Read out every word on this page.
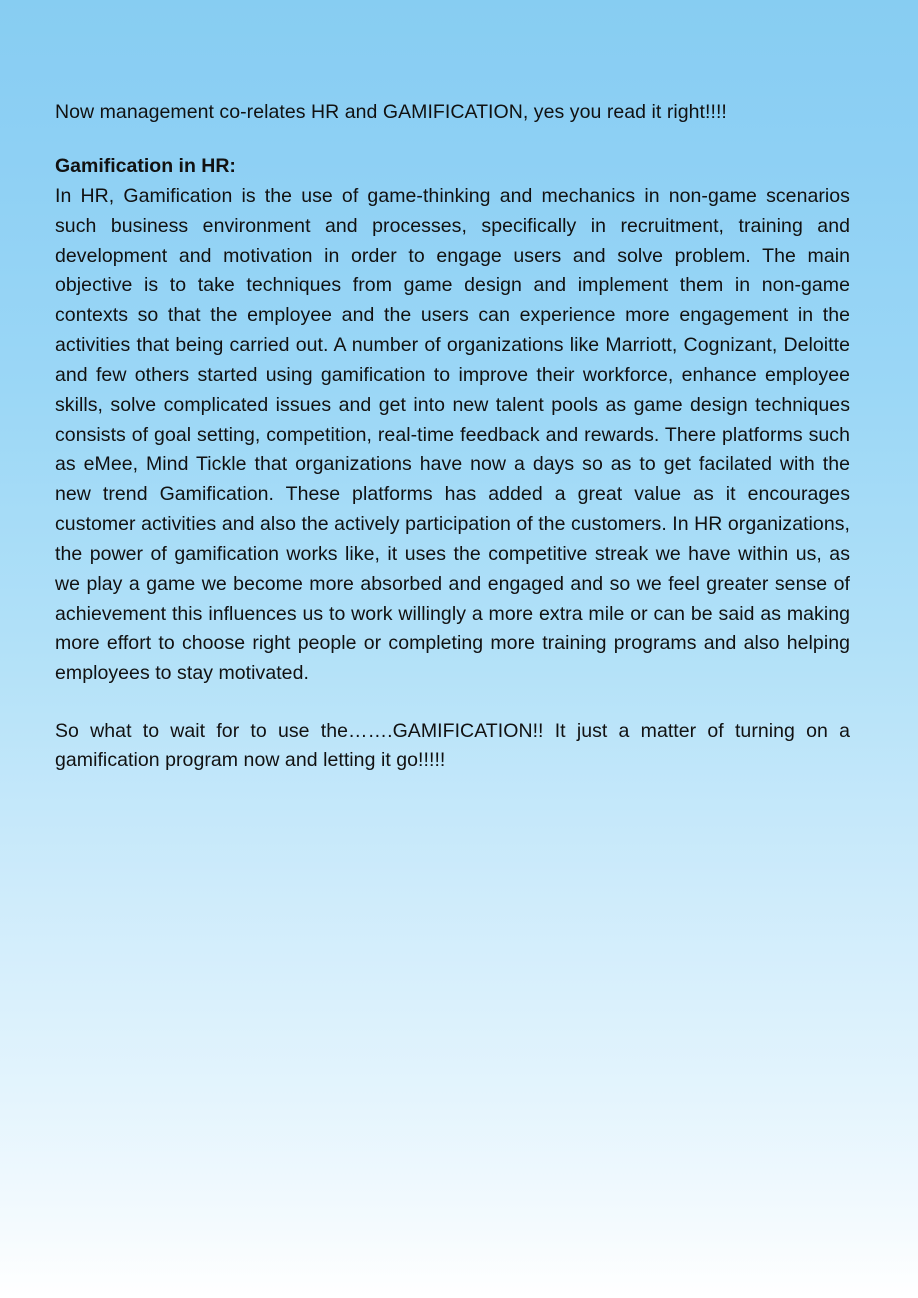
Now management co-relates HR and GAMIFICATION, yes you read it right!!!!

Gamification in HR:

In HR, Gamification is the use of game-thinking and mechanics in non-game scenarios such business environment and processes, specifically in recruitment, training and development and motivation in order to engage users and solve problem. The main objective is to take techniques from game design and implement them in non-game contexts so that the employee and the users can experience more engagement in the activities that being carried out. A number of organizations like Marriott, Cognizant, Deloitte and few others started using gamification to improve their workforce, enhance employee skills, solve complicated issues and get into new talent pools as game design techniques consists of goal setting, competition, real-time feedback and rewards. There platforms such as eMee, Mind Tickle that organizations have now a days so as to get facilated with the new trend Gamification. These platforms has added a great value as it encourages customer activities and also the actively participation of the customers. In HR organizations, the power of gamification works like, it uses the competitive streak we have within us, as we play a game we become more absorbed and engaged and so we feel greater sense of achievement this influences us to work willingly a more extra mile or can be said as making more effort to choose right people or completing more training programs and also helping employees to stay motivated.

So what to wait for to use the…….GAMIFICATION!! It just a matter of turning on a gamification program now and letting it go!!!!!
